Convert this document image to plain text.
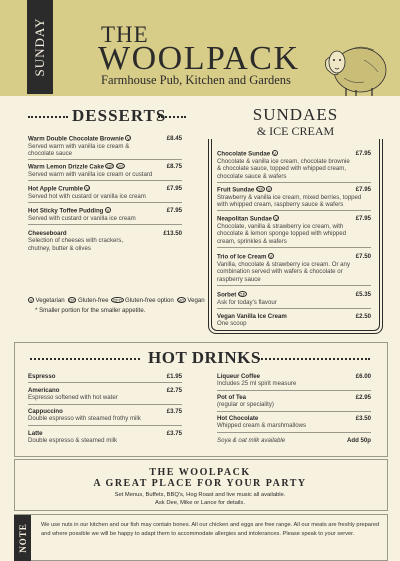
SUNDAY THE
WOOLPACK
Farmhouse Pub, Kitchen and Gardens
DESSERTS
Warm Double Chocolate Brownie V	£8.45
Served warm with vanilla ice cream &
chocolate sauce
Warm Lemon Drizzle Cake GF VG	£8.75
Served warm with vanilla ice cream or custard
Hot Apple Crumble V	£7.95
Served hot with custard or vanilla ice cream
Hot Sticky Toffee Pudding V	£7.95
Served with custard or vanilla ice cream
Cheeseboard	£13.50
Selection of cheeses with crackers,
chutney, butter & olives
SUNDAES
& ICE CREAM
Chocolate Sundae V	£7.95
Chocolate & vanilla ice cream, chocolate brownie
& chocolate sauce, topped with whipped cream,
chocolate sauce & wafers
Fruit Sundae GF V	£7.95
Strawberry & vanilla ice cream, mixed berries, topped
with whipped cream, raspberry sauce & wafers
Neapolitan Sundae V	£7.95
Chocolate, vanilla & strawberry ice cream, with
chocolate & lemon sponge topped with whipped
cream, sprinkles & wafers
Trio of Ice Cream V	£7.50
Vanilla, chocolate & strawberry ice cream. Or any
combination served with wafers & chocolate or
raspberry sauce
Sorbet GF	£5.35
Ask for today's flavour
Vegan Vanilla Ice Cream	£2.50
One scoop
V Vegetarian GF Gluten-free GFO Gluten-free option VG Vegan
* Smaller portion for the smaller appetite.
HOT DRINKS
Espresso	£1.95
Americano	£2.75
Espresso softened with hot water
Cappuccino	£3.75
Double espresso with steamed frothy milk
Latte	£3.75
Double espresso & steamed milk
Liqueur Coffee	£6.00
Includes 25 ml spirit measure
Pot of Tea	£2.95
(regular or speciality)
Hot Chocolate	£3.50
Whipped cream & marshmallows
Soya & oat milk available	Add 50p
THE WOOLPACK
A GREAT PLACE FOR YOUR PARTY
Set Menus, Buffets, BBQ's, Hog Roast and live music all available.
Ask Dee, Mike or Lance for details.
NOTE We use nuts in our kitchen and our fish may contain bones. All our chicken and eggs are free range. All our meats are freshly prepared and where possible we will be happy to adapt them to accommodate allergies and intolerances. Please speak to your server.
